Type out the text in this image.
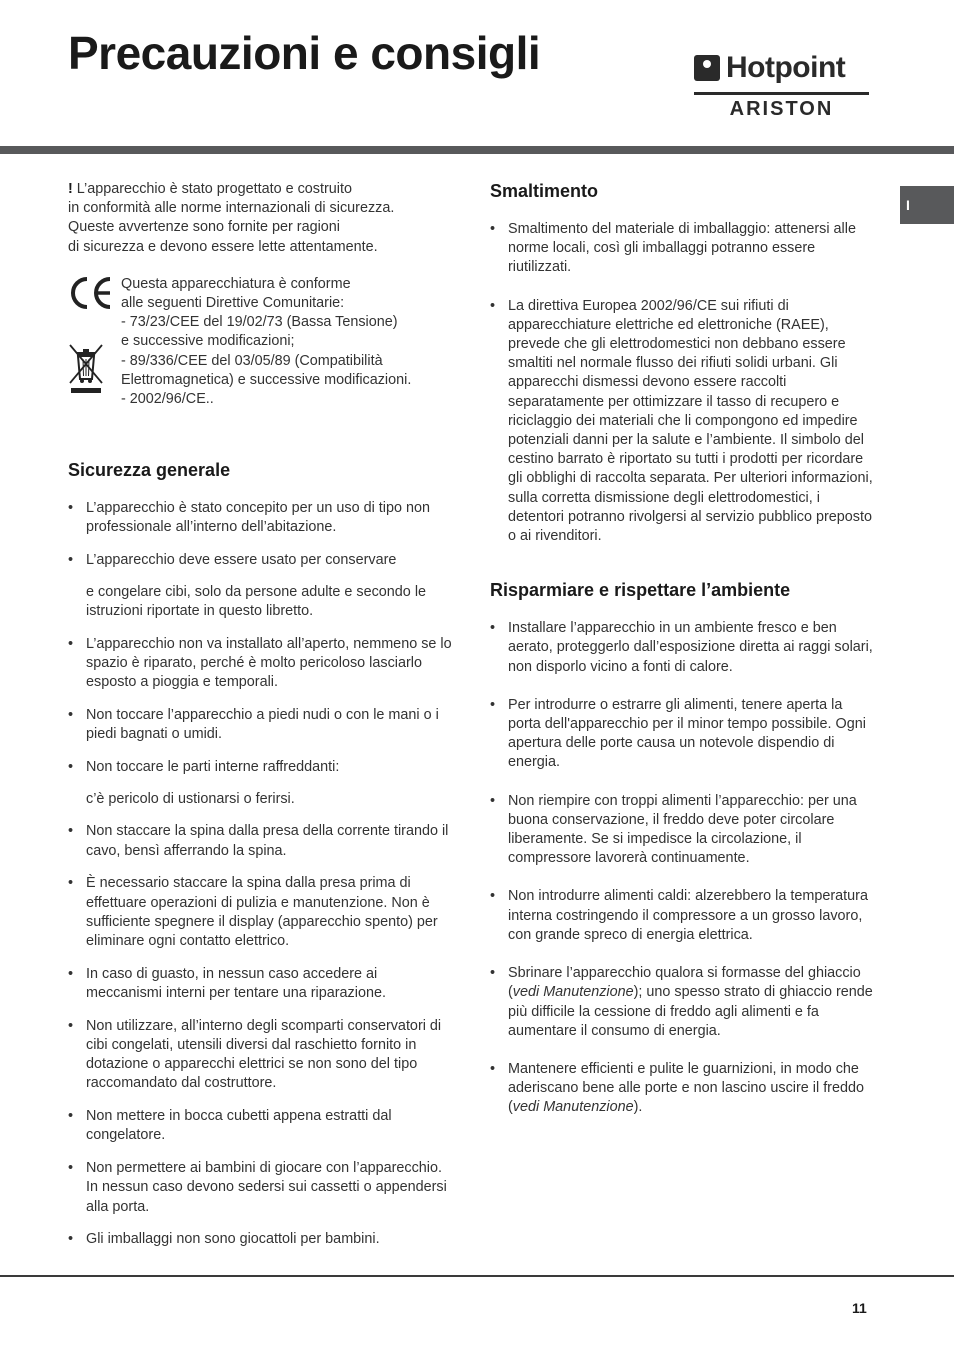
Precauzioni e consigli	Hotpoint
ARISTON
I

! L’apparecchio è stato progettato e costruito
in conformità alle norme internazionali di sicurezza.
Queste avvertenze sono fornite per ragioni
di sicurezza e devono essere lette attentamente.

Questa apparecchiatura è conforme
alle seguenti Direttive Comunitarie:
- 73/23/CEE del 19/02/73 (Bassa Tensione)
e successive modificazioni;
- 89/336/CEE del 03/05/89 (Compatibilità
Elettromagnetica) e successive modificazioni.
- 2002/96/CE..
Sicurezza generale
• L’apparecchio è stato concepito per un uso di tipo non professionale all’interno dell’abitazione.
• L’apparecchio deve essere usato per conservare
e congelare cibi, solo da persone adulte e secondo le istruzioni riportate in questo libretto.
• L’apparecchio non va installato all’aperto, nemmeno se lo spazio è riparato, perché è molto pericoloso lasciarlo esposto a pioggia e temporali.
• Non toccare l’apparecchio a piedi nudi o con le mani o i piedi bagnati o umidi.
• Non toccare le parti interne raffreddanti:
c’è pericolo di ustionarsi o ferirsi.
• Non staccare la spina dalla presa della corrente tirando il cavo, bensì afferrando la spina.
• È necessario staccare la spina dalla presa prima di effettuare operazioni di pulizia e manutenzione. Non è sufficiente spegnere il display (apparecchio spento) per eliminare ogni contatto elettrico.
• In caso di guasto, in nessun caso accedere ai meccanismi interni per tentare una riparazione.
• Non utilizzare, all’interno degli scomparti conservatori di cibi congelati, utensili diversi dal raschietto fornito in dotazione o apparecchi elettrici se non sono del tipo raccomandato dal costruttore.
• Non mettere in bocca cubetti appena estratti dal congelatore.
• Non permettere ai bambini di giocare con l’apparecchio. In nessun caso devono sedersi sui cassetti o appendersi alla porta.
• Gli imballaggi non sono giocattoli per bambini.
Smaltimento
• Smaltimento del materiale di imballaggio: attenersi alle norme locali, così gli imballaggi potranno essere riutilizzati.
• La direttiva Europea 2002/96/CE sui rifiuti di apparecchiature elettriche ed elettroniche (RAEE), prevede che gli elettrodomestici non debbano essere smaltiti nel normale flusso dei rifiuti solidi urbani. Gli apparecchi dismessi devono essere raccolti separatamente per ottimizzare il tasso di recupero e riciclaggio dei materiali che li compongono ed impedire potenziali danni per la salute e l’ambiente. Il simbolo del cestino barrato è riportato su tutti i prodotti per ricordare gli obblighi di raccolta separata. Per ulteriori informazioni, sulla corretta dismissione degli elettrodomestici, i detentori potranno rivolgersi al servizio pubblico preposto o ai rivenditori.
Risparmiare e rispettare l’ambiente
• Installare l’apparecchio in un ambiente fresco e ben aerato, proteggerlo dall’esposizione diretta ai raggi solari, non disporlo vicino a fonti di calore.
• Per introdurre o estrarre gli alimenti, tenere aperta la porta dell'apparecchio per il minor tempo possibile. Ogni apertura delle porte causa un notevole dispendio di energia.
• Non riempire con troppi alimenti l’apparecchio: per una buona conservazione, il freddo deve poter circolare liberamente. Se si impedisce la circolazione, il compressore lavorerà continuamente.
• Non introdurre alimenti caldi: alzerebbero la temperatura interna costringendo il compressore a un grosso lavoro, con grande spreco di energia elettrica.
• Sbrinare l’apparecchio qualora si formasse del ghiaccio (vedi Manutenzione); uno spesso strato di ghiaccio rende più difficile la cessione di freddo agli alimenti e fa aumentare il consumo di energia.
• Mantenere efficienti e pulite le guarnizioni, in modo che aderiscano bene alle porte e non lascino uscire il freddo (vedi Manutenzione).
11
